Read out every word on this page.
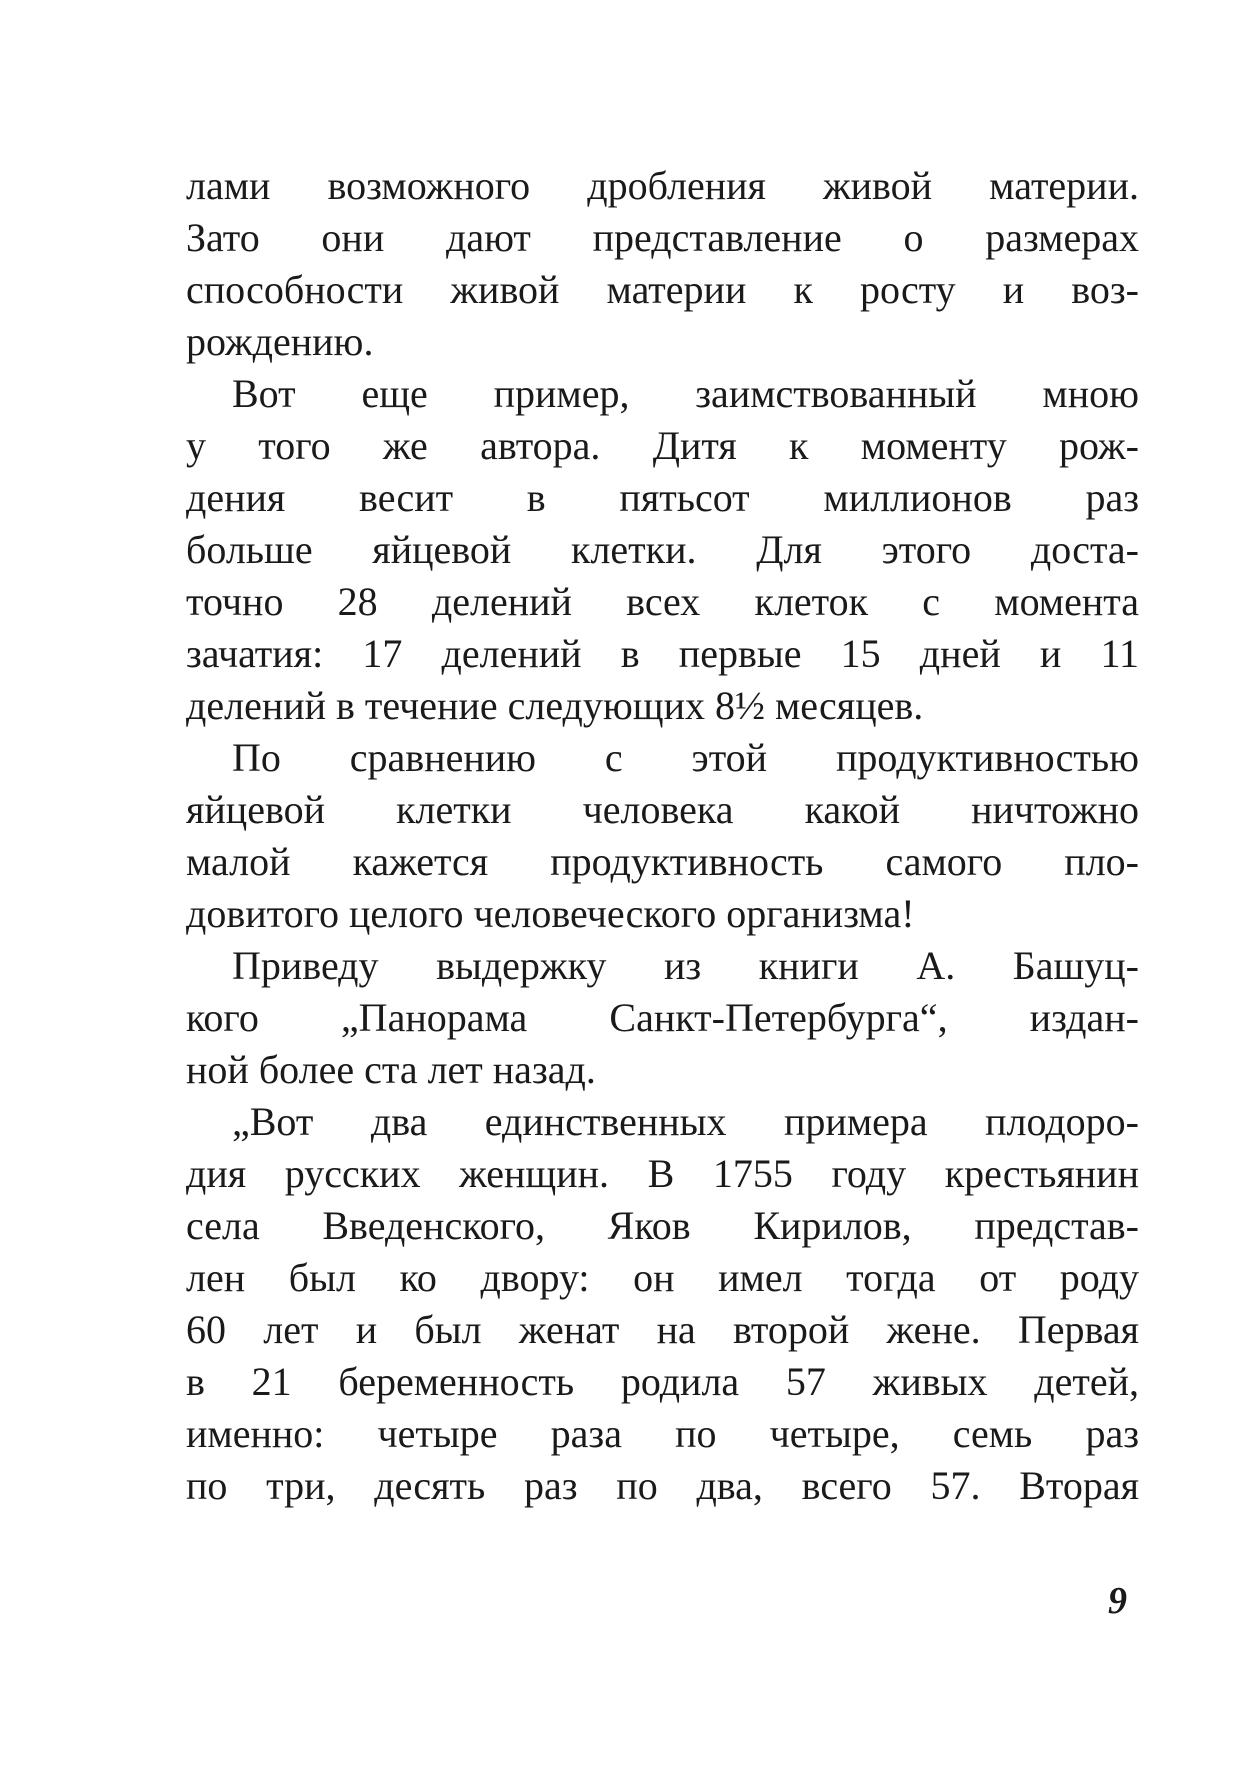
лами возможного дробления живой материи.
Зато они дают представление о размерах
способности живой материи к росту и воз-
рождению.
Вот еще пример, заимствованный мною
у того же автора. Дитя к моменту рож-
дения весит в пятьсот миллионов раз
больше яйцевой клетки. Для этого доста-
точно 28 делений всех клеток с момента
зачатия: 17 делений в первые 15 дней и 11
делений в течение следующих 8½ месяцев.
По сравнению с этой продуктивностью
яйцевой клетки человека какой ничтожно
малой кажется продуктивность самого пло-
довитого целого человеческого организма!
Приведу выдержку из книги А. Башуц-
кого „Панорама Санкт-Петербурга“, издан-
ной более ста лет назад.
„Вот два единственных примера плодоро-
дия русских женщин. В 1755 году крестьянин
села Введенского, Яков Кирилов, представ-
лен был ко двору: он имел тогда от роду
60 лет и был женат на второй жене. Первая
в 21 беременность родила 57 живых детей,
именно: четыре раза по четыре, семь раз
по три, десять раз по два, всего 57. Вторая
9
